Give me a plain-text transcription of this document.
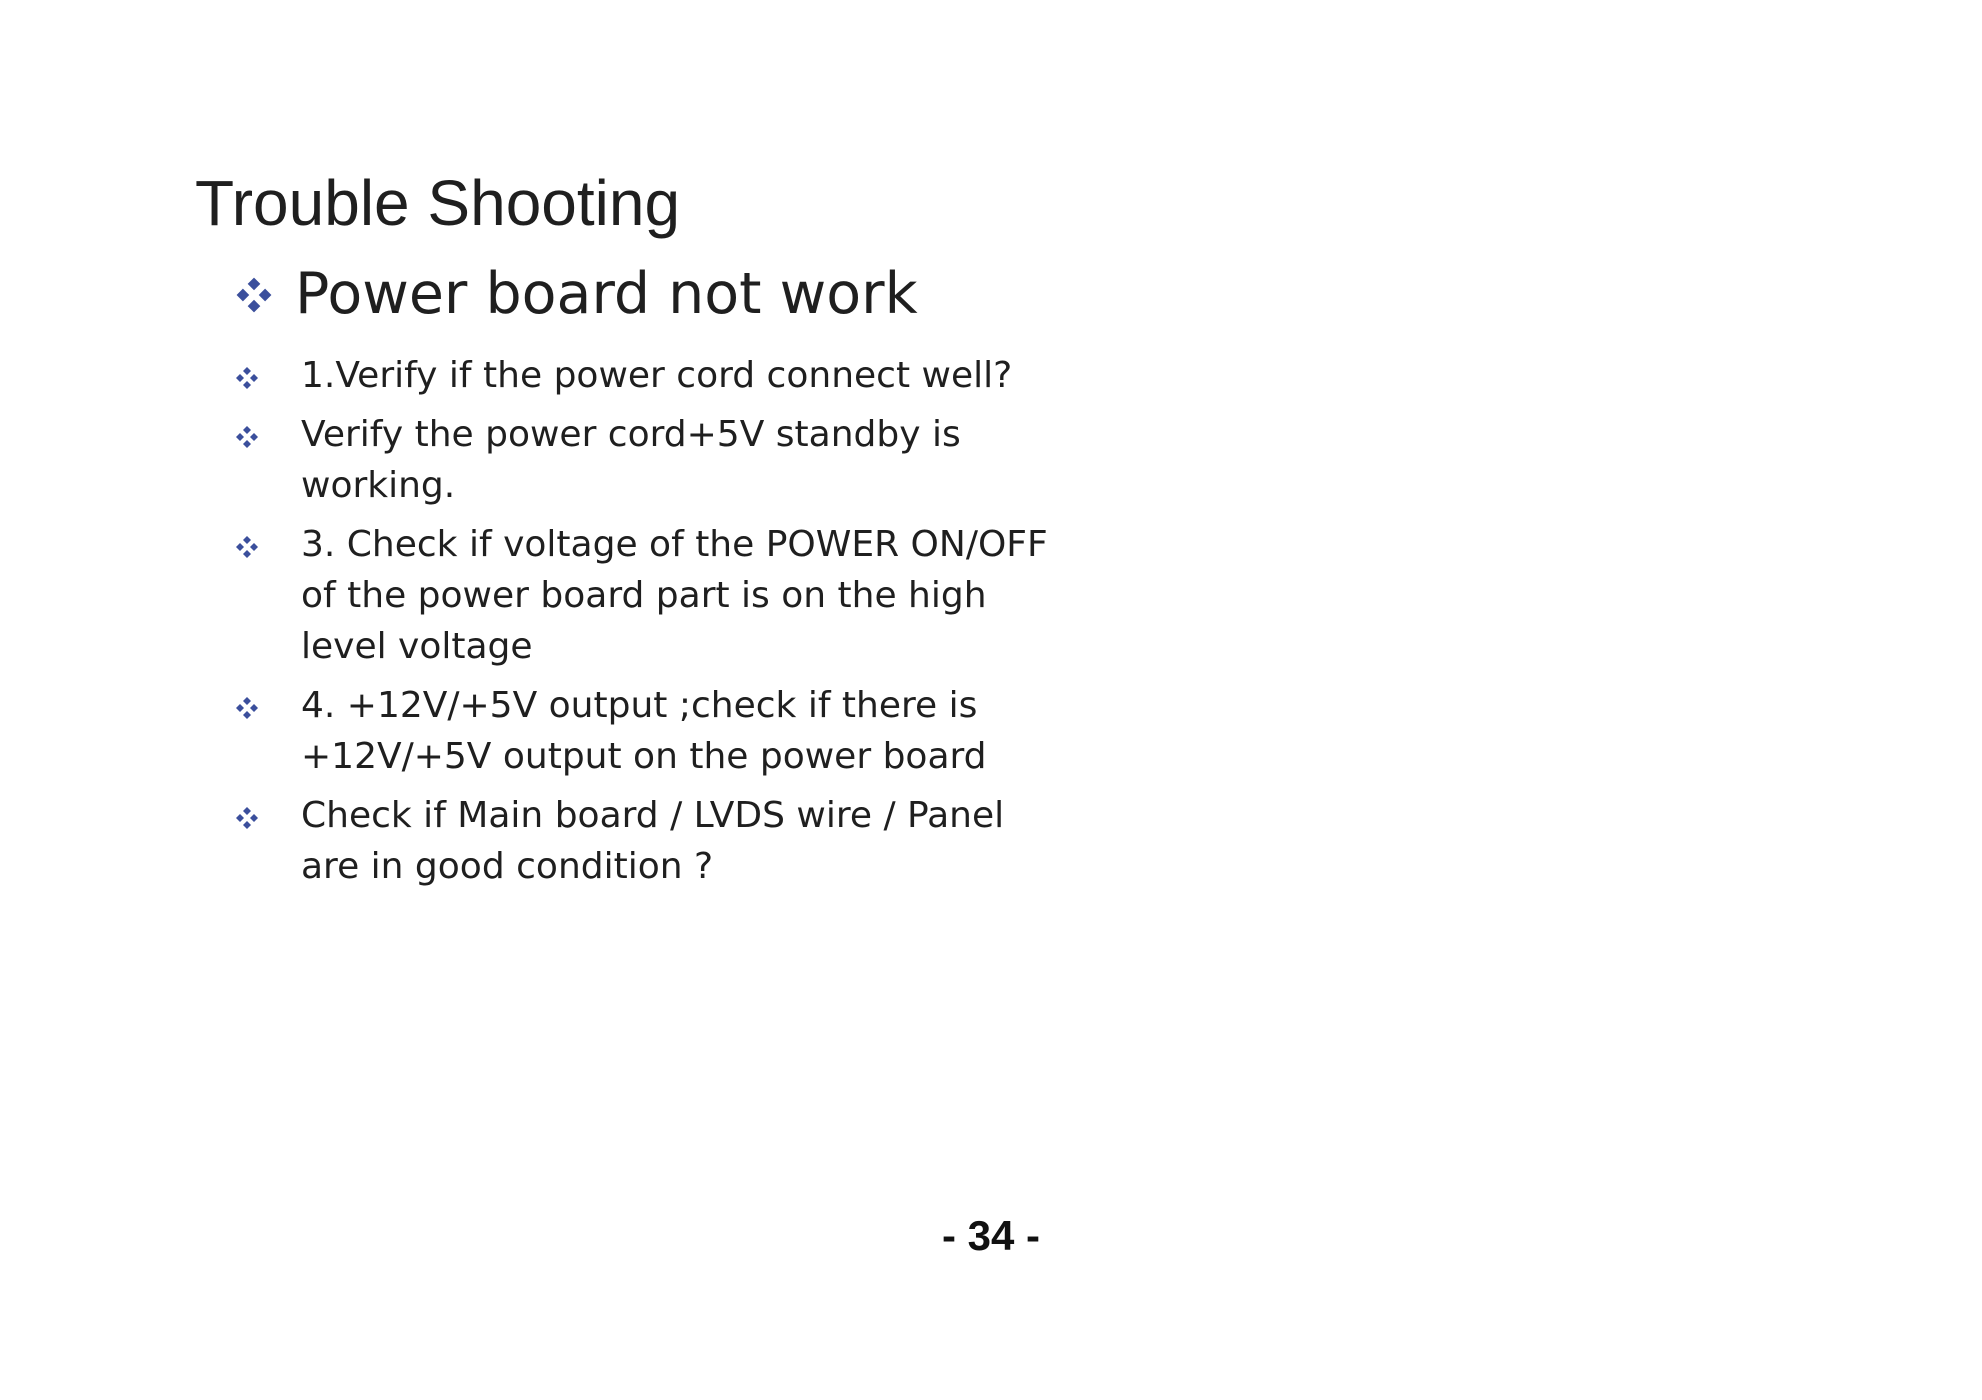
Trouble Shooting
Power board not work
1.Verify if the power cord connect well?
Verify the power cord+5V standby is working.
3. Check if voltage of the POWER ON/OFF of the power board part is on the high level voltage
4. +12V/+5V output ;check if there is +12V/+5V output on the power board
Check if Main board / LVDS wire / Panel are in good condition ?
- 34 -
